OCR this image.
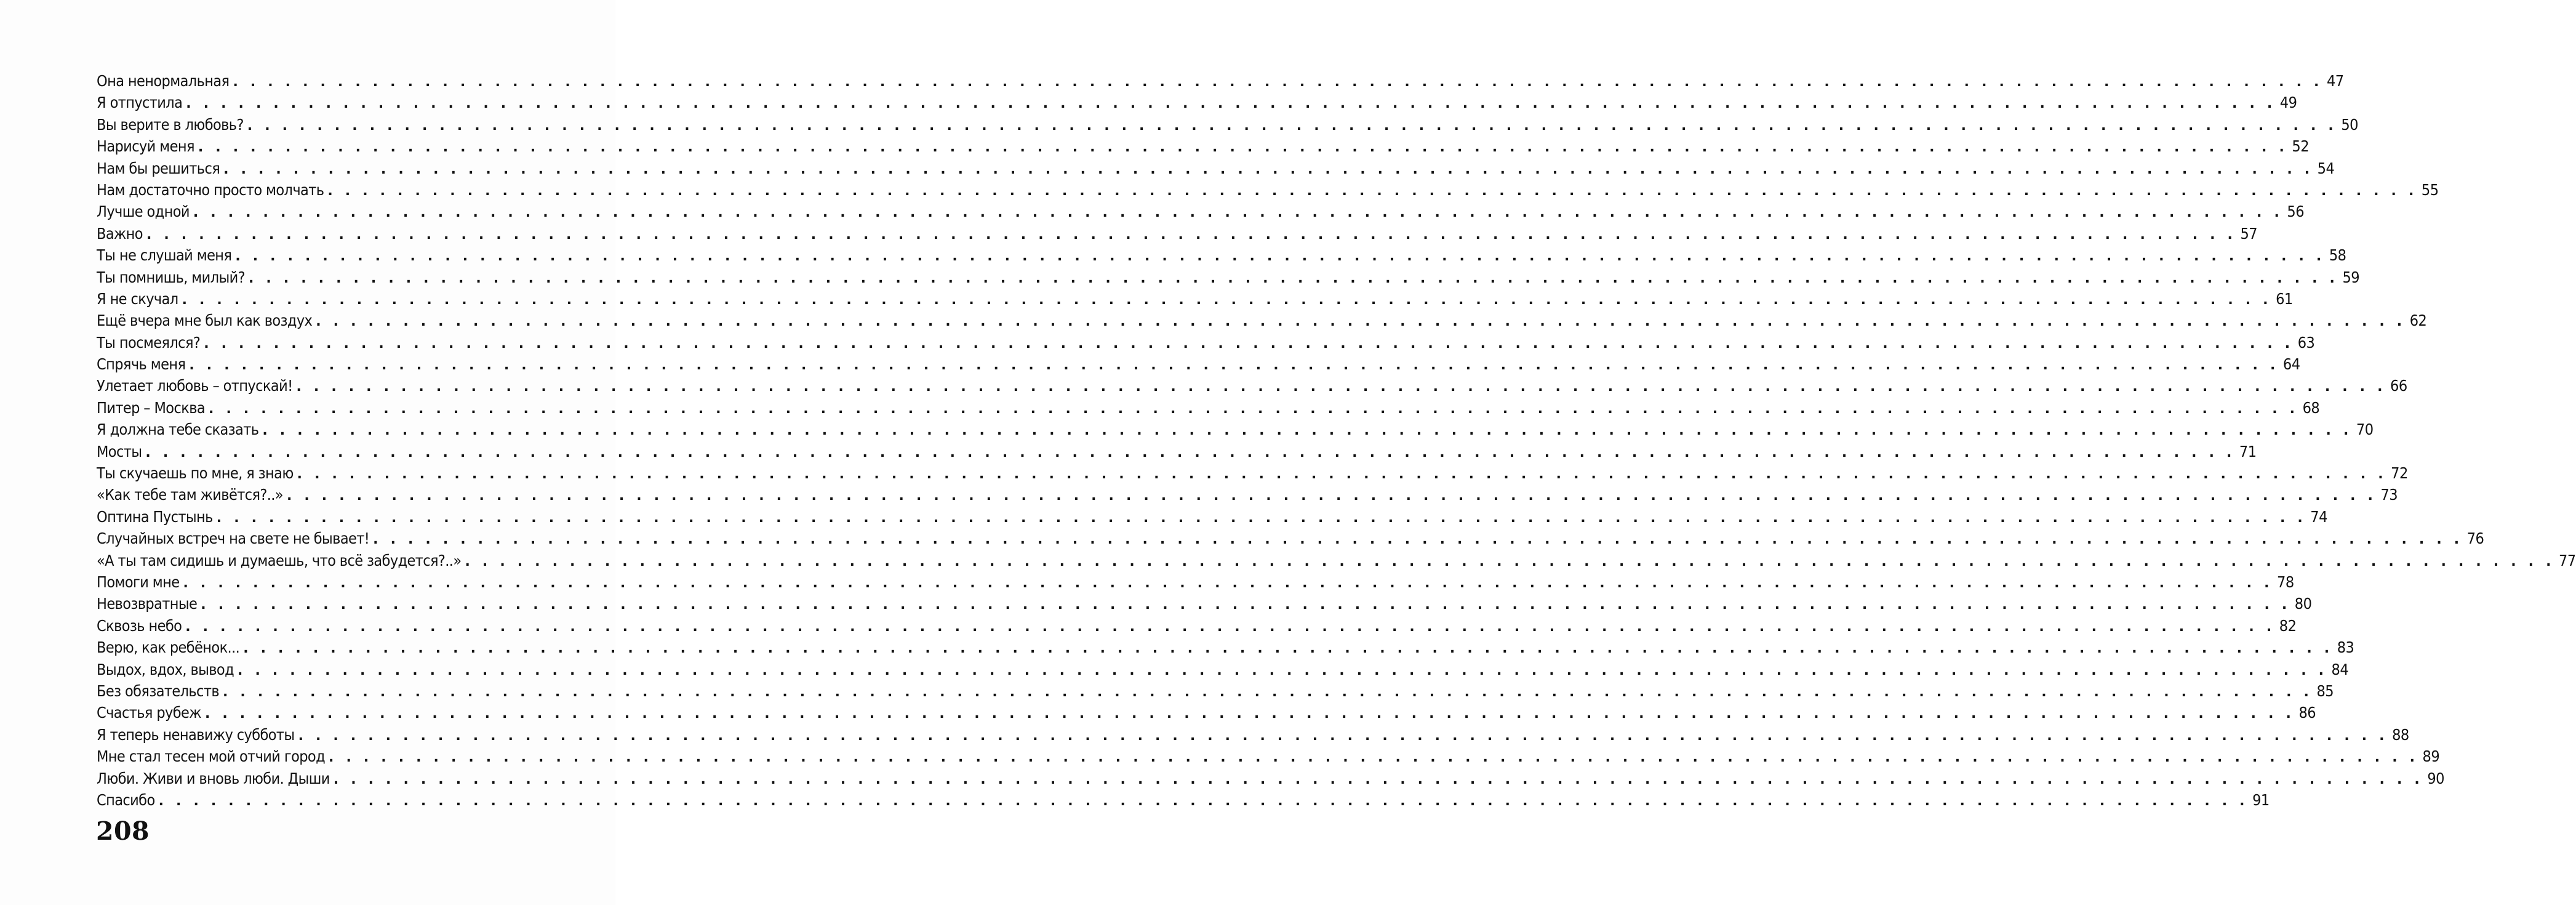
Она ненормальная . . . . . . . . . . . . . . . . . . . . . . . . . . . . . . . . . . . . . . . . . . . . . . . . . . . . . . . . . . . . . . . . . . . . . . . . . . . . . . . . . . . . . . . . . . . . . . . . . . . . . . . . . . . . . . . . . . . . . . . . 47
Я отпустила . . . . . . . . . . . . . . . . . . . . . . . . . . . . . . . . . . . . . . . . . . . . . . . . . . . . . . . . . . . . . . . . . . . . . . . . . . . . . . . . . . . . . . . . . . . . . . . . . . . . . . . . . . . . . . . . . . . . . . . . 49
Вы верите в любовь? . . . . . . . . . . . . . . . . . . . . . . . . . . . . . . . . . . . . . . . . . . . . . . . . . . . . . . . . . . . . . . . . . . . . . . . . . . . . . . . . . . . . . . . . . . . . . . . . . . . . . . . . . . . . . . . . . . . . . . . . 50
Нарисуй меня . . . . . . . . . . . . . . . . . . . . . . . . . . . . . . . . . . . . . . . . . . . . . . . . . . . . . . . . . . . . . . . . . . . . . . . . . . . . . . . . . . . . . . . . . . . . . . . . . . . . . . . . . . . . . . . . . . . . . . . . 52
Нам бы решиться . . . . . . . . . . . . . . . . . . . . . . . . . . . . . . . . . . . . . . . . . . . . . . . . . . . . . . . . . . . . . . . . . . . . . . . . . . . . . . . . . . . . . . . . . . . . . . . . . . . . . . . . . . . . . . . . . . . . . . . . 54
Нам достаточно просто молчать . . . . . . . . . . . . . . . . . . . . . . . . . . . . . . . . . . . . . . . . . . . . . . . . . . . . . . . . . . . . . . . . . . . . . . . . . . . . . . . . . . . . . . . . . . . . . . . . . . . . . . . . . . . . . . . . . . . . . . . . 55
Лучше одной . . . . . . . . . . . . . . . . . . . . . . . . . . . . . . . . . . . . . . . . . . . . . . . . . . . . . . . . . . . . . . . . . . . . . . . . . . . . . . . . . . . . . . . . . . . . . . . . . . . . . . . . . . . . . . . . . . . . . . . . 56
Важно . . . . . . . . . . . . . . . . . . . . . . . . . . . . . . . . . . . . . . . . . . . . . . . . . . . . . . . . . . . . . . . . . . . . . . . . . . . . . . . . . . . . . . . . . . . . . . . . . . . . . . . . . . . . . . . . . . . . . . . . 57
Ты не слушай меня . . . . . . . . . . . . . . . . . . . . . . . . . . . . . . . . . . . . . . . . . . . . . . . . . . . . . . . . . . . . . . . . . . . . . . . . . . . . . . . . . . . . . . . . . . . . . . . . . . . . . . . . . . . . . . . . . . . . . . . . 58
Ты помнишь, милый? . . . . . . . . . . . . . . . . . . . . . . . . . . . . . . . . . . . . . . . . . . . . . . . . . . . . . . . . . . . . . . . . . . . . . . . . . . . . . . . . . . . . . . . . . . . . . . . . . . . . . . . . . . . . . . . . . . . . . . . . 59
Я не скучал . . . . . . . . . . . . . . . . . . . . . . . . . . . . . . . . . . . . . . . . . . . . . . . . . . . . . . . . . . . . . . . . . . . . . . . . . . . . . . . . . . . . . . . . . . . . . . . . . . . . . . . . . . . . . . . . . . . . . . . . 61
Ещё вчера мне был как воздух . . . . . . . . . . . . . . . . . . . . . . . . . . . . . . . . . . . . . . . . . . . . . . . . . . . . . . . . . . . . . . . . . . . . . . . . . . . . . . . . . . . . . . . . . . . . . . . . . . . . . . . . . . . . . . . . . . . . . . . . 62
Ты посмеялся? . . . . . . . . . . . . . . . . . . . . . . . . . . . . . . . . . . . . . . . . . . . . . . . . . . . . . . . . . . . . . . . . . . . . . . . . . . . . . . . . . . . . . . . . . . . . . . . . . . . . . . . . . . . . . . . . . . . . . . . . 63
Спрячь меня . . . . . . . . . . . . . . . . . . . . . . . . . . . . . . . . . . . . . . . . . . . . . . . . . . . . . . . . . . . . . . . . . . . . . . . . . . . . . . . . . . . . . . . . . . . . . . . . . . . . . . . . . . . . . . . . . . . . . . . . 64
Улетает любовь – отпускай! . . . . . . . . . . . . . . . . . . . . . . . . . . . . . . . . . . . . . . . . . . . . . . . . . . . . . . . . . . . . . . . . . . . . . . . . . . . . . . . . . . . . . . . . . . . . . . . . . . . . . . . . . . . . . . . . . . . . . . . . 66
Питер – Москва . . . . . . . . . . . . . . . . . . . . . . . . . . . . . . . . . . . . . . . . . . . . . . . . . . . . . . . . . . . . . . . . . . . . . . . . . . . . . . . . . . . . . . . . . . . . . . . . . . . . . . . . . . . . . . . . . . . . . . . . 68
Я должна тебе сказать . . . . . . . . . . . . . . . . . . . . . . . . . . . . . . . . . . . . . . . . . . . . . . . . . . . . . . . . . . . . . . . . . . . . . . . . . . . . . . . . . . . . . . . . . . . . . . . . . . . . . . . . . . . . . . . . . . . . . . . . 70
Мосты . . . . . . . . . . . . . . . . . . . . . . . . . . . . . . . . . . . . . . . . . . . . . . . . . . . . . . . . . . . . . . . . . . . . . . . . . . . . . . . . . . . . . . . . . . . . . . . . . . . . . . . . . . . . . . . . . . . . . . . . 71
Ты скучаешь по мне, я знаю . . . . . . . . . . . . . . . . . . . . . . . . . . . . . . . . . . . . . . . . . . . . . . . . . . . . . . . . . . . . . . . . . . . . . . . . . . . . . . . . . . . . . . . . . . . . . . . . . . . . . . . . . . . . . . . . . . . . . . . . 72
«Как тебе там живётся?..» . . . . . . . . . . . . . . . . . . . . . . . . . . . . . . . . . . . . . . . . . . . . . . . . . . . . . . . . . . . . . . . . . . . . . . . . . . . . . . . . . . . . . . . . . . . . . . . . . . . . . . . . . . . . . . . . . . . . . . . . 73
Оптина Пустынь . . . . . . . . . . . . . . . . . . . . . . . . . . . . . . . . . . . . . . . . . . . . . . . . . . . . . . . . . . . . . . . . . . . . . . . . . . . . . . . . . . . . . . . . . . . . . . . . . . . . . . . . . . . . . . . . . . . . . . . . 74
Случайных встреч на свете не бывает! . . . . . . . . . . . . . . . . . . . . . . . . . . . . . . . . . . . . . . . . . . . . . . . . . . . . . . . . . . . . . . . . . . . . . . . . . . . . . . . . . . . . . . . . . . . . . . . . . . . . . . . . . . . . . . . . . . . . . . . . 76
«А ты там сидишь и думаешь, что всё забудется?..» . . . . . . . . . . . . . . . . . . . . . . . . . . . . . . . . . . . . . . . . . . . . . . . . . . . . . . . . . . . . . . . . . . . . . . . . . . . . . . . . . . . . . . . . . . . . . . . . . . . . . . . . . . . . . . . . . . . . . . . . 77
Помоги мне . . . . . . . . . . . . . . . . . . . . . . . . . . . . . . . . . . . . . . . . . . . . . . . . . . . . . . . . . . . . . . . . . . . . . . . . . . . . . . . . . . . . . . . . . . . . . . . . . . . . . . . . . . . . . . . . . . . . . . . . 78
Невозвратные . . . . . . . . . . . . . . . . . . . . . . . . . . . . . . . . . . . . . . . . . . . . . . . . . . . . . . . . . . . . . . . . . . . . . . . . . . . . . . . . . . . . . . . . . . . . . . . . . . . . . . . . . . . . . . . . . . . . . . . . 80
Сквозь небо . . . . . . . . . . . . . . . . . . . . . . . . . . . . . . . . . . . . . . . . . . . . . . . . . . . . . . . . . . . . . . . . . . . . . . . . . . . . . . . . . . . . . . . . . . . . . . . . . . . . . . . . . . . . . . . . . . . . . . . . 82
Верю, как ребёнок... . . . . . . . . . . . . . . . . . . . . . . . . . . . . . . . . . . . . . . . . . . . . . . . . . . . . . . . . . . . . . . . . . . . . . . . . . . . . . . . . . . . . . . . . . . . . . . . . . . . . . . . . . . . . . . . . . . . . . . . . 83
Выдох, вдох, вывод . . . . . . . . . . . . . . . . . . . . . . . . . . . . . . . . . . . . . . . . . . . . . . . . . . . . . . . . . . . . . . . . . . . . . . . . . . . . . . . . . . . . . . . . . . . . . . . . . . . . . . . . . . . . . . . . . . . . . . . . 84
Без обязательств . . . . . . . . . . . . . . . . . . . . . . . . . . . . . . . . . . . . . . . . . . . . . . . . . . . . . . . . . . . . . . . . . . . . . . . . . . . . . . . . . . . . . . . . . . . . . . . . . . . . . . . . . . . . . . . . . . . . . . . . 85
Счастья рубеж . . . . . . . . . . . . . . . . . . . . . . . . . . . . . . . . . . . . . . . . . . . . . . . . . . . . . . . . . . . . . . . . . . . . . . . . . . . . . . . . . . . . . . . . . . . . . . . . . . . . . . . . . . . . . . . . . . . . . . . . 86
Я теперь ненавижу субботы . . . . . . . . . . . . . . . . . . . . . . . . . . . . . . . . . . . . . . . . . . . . . . . . . . . . . . . . . . . . . . . . . . . . . . . . . . . . . . . . . . . . . . . . . . . . . . . . . . . . . . . . . . . . . . . . . . . . . . . . 88
Мне стал тесен мой отчий город . . . . . . . . . . . . . . . . . . . . . . . . . . . . . . . . . . . . . . . . . . . . . . . . . . . . . . . . . . . . . . . . . . . . . . . . . . . . . . . . . . . . . . . . . . . . . . . . . . . . . . . . . . . . . . . . . . . . . . . . 89
Люби. Живи и вновь люби. Дыши . . . . . . . . . . . . . . . . . . . . . . . . . . . . . . . . . . . . . . . . . . . . . . . . . . . . . . . . . . . . . . . . . . . . . . . . . . . . . . . . . . . . . . . . . . . . . . . . . . . . . . . . . . . . . . . . . . . . . . . . 90
Спасибо . . . . . . . . . . . . . . . . . . . . . . . . . . . . . . . . . . . . . . . . . . . . . . . . . . . . . . . . . . . . . . . . . . . . . . . . . . . . . . . . . . . . . . . . . . . . . . . . . . . . . . . . . . . . . . . . . . . . . . . . 91
208
